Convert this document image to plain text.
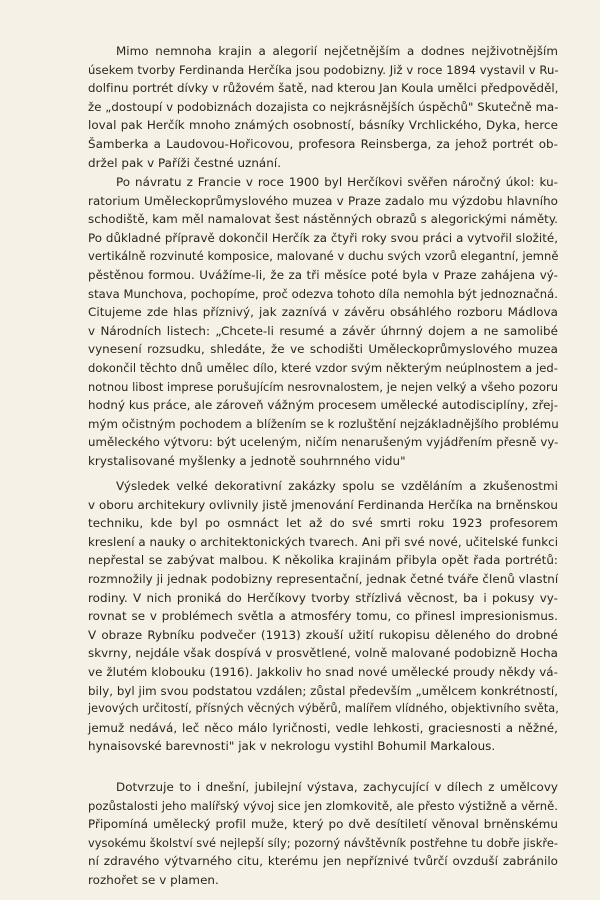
Mimo nemnoha krajin a alegorií nejčetnějším a dodnes nejživotnějším
úsekem tvorby Ferdinanda Herčíka jsou podobizny. Již v roce 1894 vystavil v Ru-
dolfinu portrét dívky v růžovém šatě, nad kterou Jan Koula umělci předpověděl,
že „dostoupí v podobiznách dozajista co nejkrásnějších úspěchů" Skutečně ma-
loval pak Herčík mnoho známých osobností, básníky Vrchlického, Dyka, herce
Šamberka a Laudovou-Hořicovou, profesora Reinsberga, za jehož portrét ob-
držel pak v Paříži čestné uznání.
Po návratu z Francie v roce 1900 byl Herčíkovi svěřen náročný úkol: ku-
ratorium Uměleckoprůmyslového muzea v Praze zadalo mu výzdobu hlavního
schodiště, kam měl namalovat šest nástěnných obrazů s alegorickými náměty.
Po důkladné přípravě dokončil Herčík za čtyři roky svou práci a vytvořil složité,
vertikálně rozvinuté komposice, malované v duchu svých vzorů elegantní, jemně
pěstěnou formou. Uvážíme-li, že za tři měsíce poté byla v Praze zahájena vý-
stava Munchova, pochopíme, proč odezva tohoto díla nemohla být jednoznačná.
Citujeme zde hlas příznivý, jak zaznívá v závěru obsáhlého rozboru Mádlova
v Národních listech: „Chcete-li resumé a závěr úhrnný dojem a ne samolibé
vynesení rozsudku, shledáte, že ve schodišti Uměleckoprůmyslového muzea
dokončil těchto dnů umělec dílo, které vzdor svým některým neúplnostem a jed-
notnou libost imprese porušujícím nesrovnalostem, je nejen velký a všeho pozoru
hodný kus práce, ale zároveň vážným procesem umělecké autodisciplíny, zřej-
mým očistným pochodem a blížením se k rozluštění nejzákladnějšího problému
uměleckého výtvoru: být uceleným, ničím nenarušeným vyjádřením přesně vy-
krystalisované myšlenky a jednotě souhrnného vidu"
Výsledek velké dekorativní zakázky spolu se vzděláním a zkušenostmi
v oboru architekury ovlivnily jistě jmenování Ferdinanda Herčíka na brněnskou
techniku, kde byl po osmnáct let až do své smrti roku 1923 profesorem
kreslení a nauky o architektonických tvarech. Ani při své nové, učitelské funkci
nepřestal se zabývat malbou. K několika krajinám přibyla opět řada portrétů:
rozmnožily ji jednak podobizny representační, jednak četné tváře členů vlastní
rodiny. V nich proniká do Herčíkovy tvorby střízlivá věcnost, ba i pokusy vy-
rovnat se v problémech světla a atmosféry tomu, co přinesl impresionismus.
V obraze Rybníku podvečer (1913) zkouší užití rukopisu děleného do drobné
skvrny, nejdále však dospívá v prosvětlené, volně malované podobizně Hocha
ve žlutém klobouku (1916). Jakkoliv ho snad nové umělecké proudy někdy vá-
bily, byl jim svou podstatou vzdálen; zůstal především „umělcem konkrétností,
jevových určitostí, přísných věcných výběrů, malířem vlídného, objektivního světa,
jemuž nedává, leč něco málo lyričnosti, vedle lehkosti, graciesnosti a něžné,
hynaisovské barevnosti" jak v nekrologu vystihl Bohumil Markalous.
Dotvrzuje to i dnešní, jubilejní výstava, zachycující v dílech z umělcovy
pozůstalosti jeho malířský vývoj sice jen zlomkovitě, ale přesto výstižně a věrně.
Připomíná umělecký profil muže, který po dvě desítiletí věnoval brněnskému
vysokému školství své nejlepší síly; pozorný návštěvník postřehne tu dobře jiskře-
ní zdravého výtvarného citu, kterému jen nepříznivé tvůrčí ovzduší zabránilo
rozhořet se v plamen.
